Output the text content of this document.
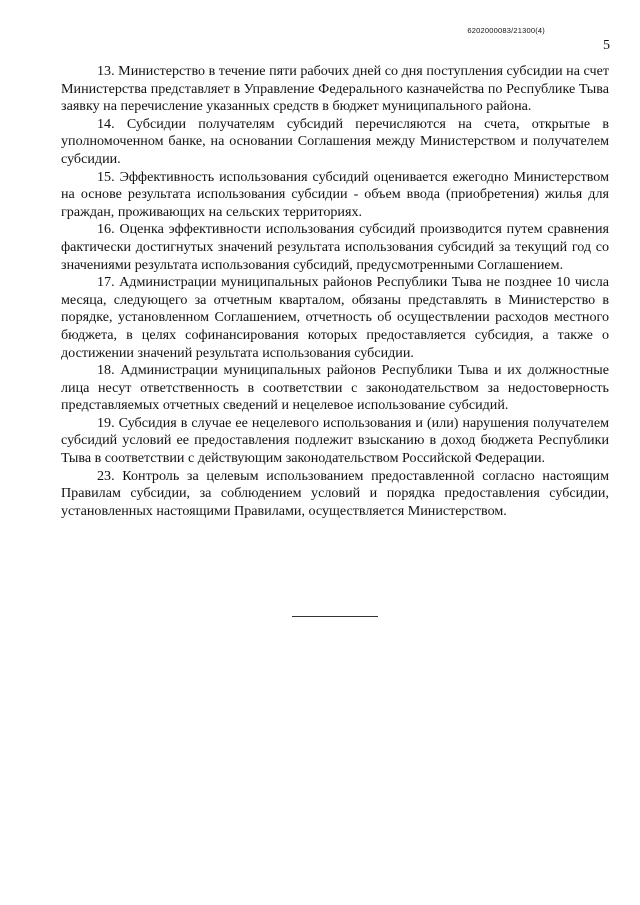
6202000083/21300(4)
5

13. Министерство в течение пяти рабочих дней со дня поступления субсидии на счет Министерства представляет в Управление Федерального казначейства по Республике Тыва заявку на перечисление указанных средств в бюджет муниципального района.

14. Субсидии получателям субсидий перечисляются на счета, открытые в уполномоченном банке, на основании Соглашения между Министерством и получателем субсидии.

15. Эффективность использования субсидий оценивается ежегодно Министерством на основе результата использования субсидии - объем ввода (приобретения) жилья для граждан, проживающих на сельских территориях.

16. Оценка эффективности использования субсидий производится путем сравнения фактически достигнутых значений результата использования субсидий за текущий год со значениями результата использования субсидий, предусмотренными Соглашением.

17. Администрации муниципальных районов Республики Тыва не позднее 10 числа месяца, следующего за отчетным кварталом, обязаны представлять в Министерство в порядке, установленном Соглашением, отчетность об осуществлении расходов местного бюджета, в целях софинансирования которых предоставляется субсидия, а также о достижении значений результата использования субсидии.

18. Администрации муниципальных районов Республики Тыва и их должностные лица несут ответственность в соответствии с законодательством за недостоверность представляемых отчетных сведений и нецелевое использование субсидий.

19. Субсидия в случае ее нецелевого использования и (или) нарушения получателем субсидий условий ее предоставления подлежит взысканию в доход бюджета Республики Тыва в соответствии с действующим законодательством Российской Федерации.

23. Контроль за целевым использованием предоставленной согласно настоящим Правилам субсидии, за соблюдением условий и порядка предоставления субсидии, установленных настоящими Правилами, осуществляется Министерством.
